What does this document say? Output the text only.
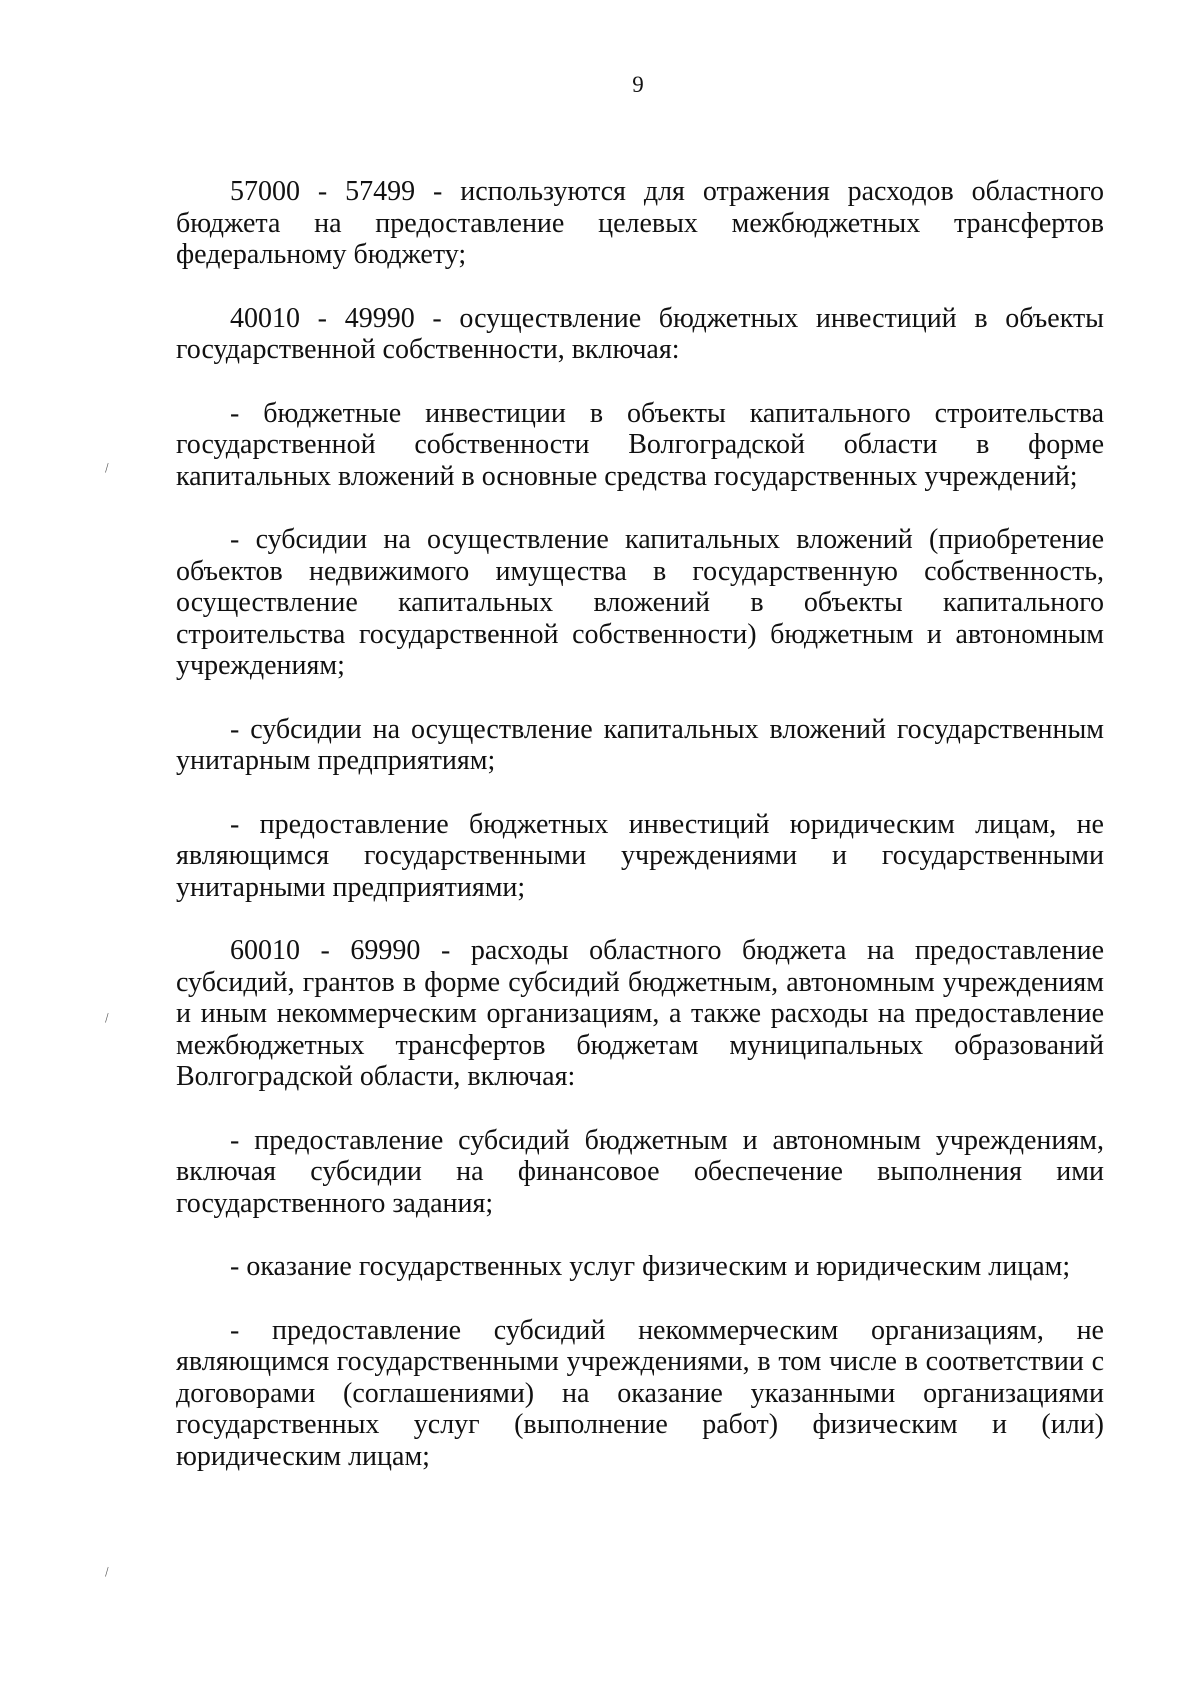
9

57000 - 57499 - используются для отражения расходов областного бюджета на предоставление целевых межбюджетных трансфертов федеральному бюджету;

40010 - 49990 - осуществление бюджетных инвестиций в объекты государственной собственности, включая:

- бюджетные инвестиции в объекты капитального строительства государственной собственности Волгоградской области в форме капитальных вложений в основные средства государственных учреждений;

- субсидии на осуществление капитальных вложений (приобретение объектов недвижимого имущества в государственную собственность, осуществление капитальных вложений в объекты капитального строительства государственной собственности) бюджетным и автономным учреждениям;

- субсидии на осуществление капитальных вложений государственным унитарным предприятиям;

- предоставление бюджетных инвестиций юридическим лицам, не являющимся государственными учреждениями и государственными унитарными предприятиями;

60010 - 69990 - расходы областного бюджета на предоставление субсидий, грантов в форме субсидий бюджетным, автономным учреждениям и иным некоммерческим организациям, а также расходы на предоставление межбюджетных трансфертов бюджетам муниципальных образований Волгоградской области, включая:

- предоставление субсидий бюджетным и автономным учреждениям, включая субсидии на финансовое обеспечение выполнения ими государственного задания;

- оказание государственных услуг физическим и юридическим лицам;

- предоставление субсидий некоммерческим организациям, не являющимся государственными учреждениями, в том числе в соответствии с договорами (соглашениями) на оказание указанными организациями государственных услуг (выполнение работ) физическим и (или) юридическим лицам;

\
\
\
